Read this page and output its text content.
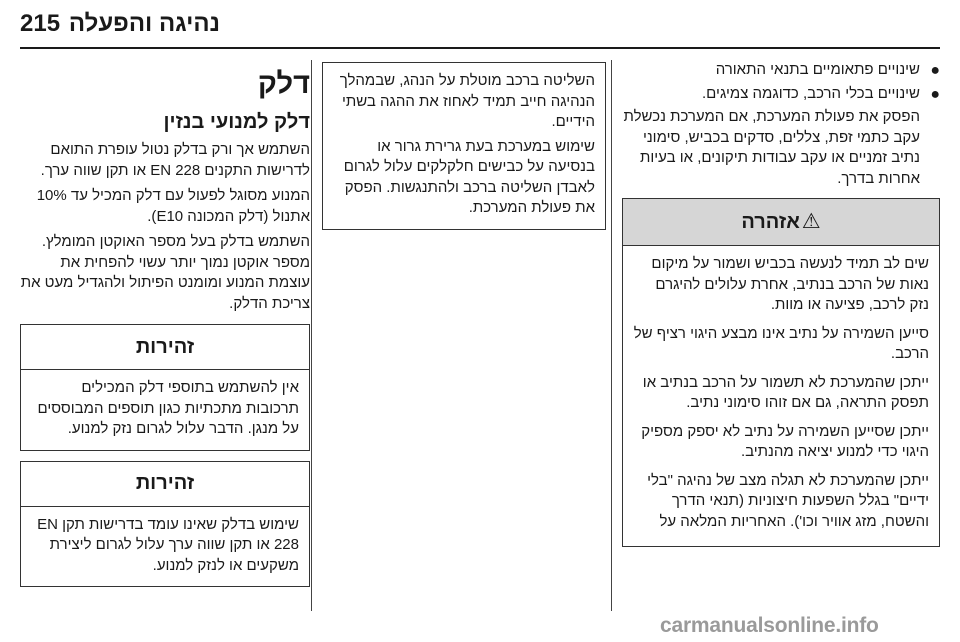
215 נהיגה והפעלה
●
שינויים פתאומיים בתנאי התאורה
●
שינויים בכלי הרכב, כדוגמה צמיגים.

הפסק את פעולת המערכת, אם המערכת נכשלת עקב כתמי זפת, צללים, סדקים בכביש, סימוני נתיב זמניים או עקב עבודות תיקונים, או בעיות אחרות בדרך.

⚠
אזהרה

שים לב תמיד לנעשה בכביש ושמור על מיקום נאות של הרכב בנתיב, אחרת עלולים להיגרם נזק לרכב, פציעה או מוות.

סייען השמירה על נתיב אינו מבצע היגוי רציף של הרכב.

ייתכן שהמערכת לא תשמור על הרכב בנתיב או תפסק התראה, גם אם זוהו סימוני נתיב.

ייתכן שסייען השמירה על נתיב לא יספק מספיק היגוי כדי למנוע יציאה מהנתיב.

ייתכן שהמערכת לא תגלה מצב של נהיגה "בלי ידיים" בגלל השפעות חיצוניות (תנאי הדרך והשטח, מזג אוויר וכו'). האחריות המלאה על

השליטה ברכב מוטלת על הנהג, שבמהלך הנהיגה חייב תמיד לאחוז את ההגה בשתי הידיים.

שימוש במערכת בעת גרירת גרור או בנסיעה על כבישים חלקלקים עלול לגרום לאבדן השליטה ברכב ולהתנגשות. הפסק את פעולת המערכת.

דלק
דלק למנועי בנזין

השתמש אך ורק בדלק נטול עופרת התואם לדרישות התקנים EN 228 או תקן שווה ערך.

המנוע מסוגל לפעול עם דלק המכיל עד 10% אתנול (דלק המכונה E10).

השתמש בדלק בעל מספר האוקטן המומלץ. מספר אוקטן נמוך יותר עשוי להפחית את עוצמת המנוע ומומנט הפיתול ולהגדיל מעט את צריכת הדלק.

זהירות

אין להשתמש בתוספי דלק המכילים תרכובות מתכתיות כגון תוספים המבוססים על מנגן. הדבר עלול לגרום נזק למנוע.

זהירות

שימוש בדלק שאינו עומד בדרישות תקן EN 228 או תקן שווה ערך עלול לגרום ליצירת משקעים או לנזק למנוע.

carmanualsonline.info
